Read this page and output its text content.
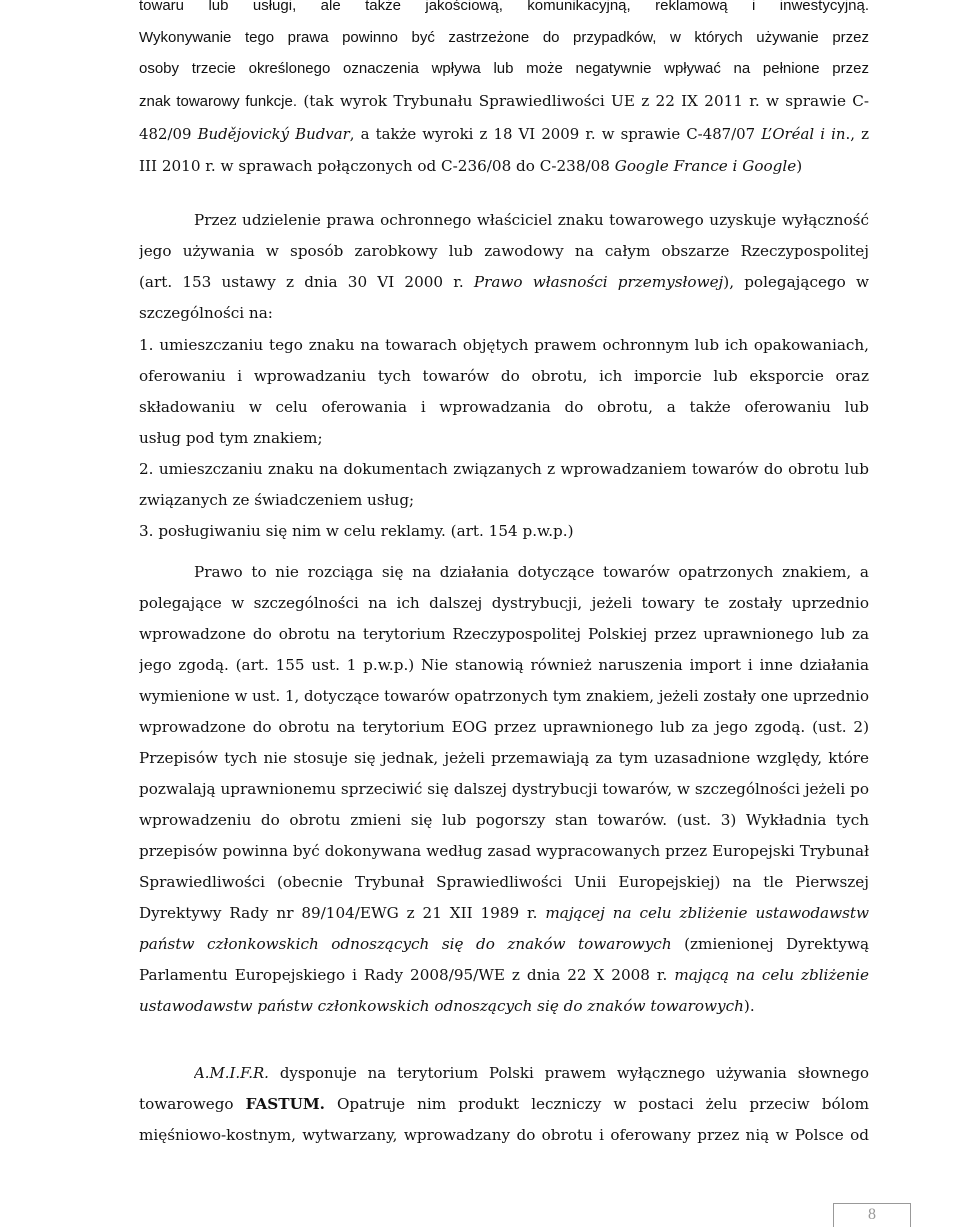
towaru lub usługi, ale także jakościową, komunikacyjną, reklamową i inwestycyjną.
Wykonywanie tego prawa powinno być zastrzeżone do przypadków, w których używanie przez
osoby trzecie określonego oznaczenia wpływa lub może negatywnie wpływać na pełnione przez
znak towarowy funkcje. (tak wyrok Trybunału Sprawiedliwości UE z 22 IX 2011 r. w sprawie C-
482/09 Budějovický Budvar, a także wyroki z 18 VI 2009 r. w sprawie C-487/07 L’Oréal i in., z
III 2010 r. w sprawach połączonych od C-236/08 do C-238/08 Google France i Google)
Przez udzielenie prawa ochronnego właściciel znaku towarowego uzyskuje wyłączność
jego używania w sposób zarobkowy lub zawodowy na całym obszarze Rzeczypospolitej
(art. 153 ustawy z dnia 30 VI 2000 r. Prawo własności przemysłowej), polegającego w
szczególności na:
1. umieszczaniu tego znaku na towarach objętych prawem ochronnym lub ich opakowaniach,
oferowaniu i wprowadzaniu tych towarów do obrotu, ich imporcie lub eksporcie oraz
składowaniu w celu oferowania i wprowadzania do obrotu, a także oferowaniu lub
usług pod tym znakiem;
2. umieszczaniu znaku na dokumentach związanych z wprowadzaniem towarów do obrotu lub
związanych ze świadczeniem usług;
3. posługiwaniu się nim w celu reklamy. (art. 154 p.w.p.)
Prawo to nie rozciąga się na działania dotyczące towarów opatrzonych znakiem, a
polegające w szczególności na ich dalszej dystrybucji, jeżeli towary te zostały uprzednio
wprowadzone do obrotu na terytorium Rzeczypospolitej Polskiej przez uprawnionego lub za
jego zgodą. (art. 155 ust. 1 p.w.p.) Nie stanowią również naruszenia import i inne działania
wymienione w ust. 1, dotyczące towarów opatrzonych tym znakiem, jeżeli zostały one uprzednio
wprowadzone do obrotu na terytorium EOG przez uprawnionego lub za jego zgodą. (ust. 2)
Przepisów tych nie stosuje się jednak, jeżeli przemawiają za tym uzasadnione względy, które
pozwalają uprawnionemu sprzeciwić się dalszej dystrybucji towarów, w szczególności jeżeli po
wprowadzeniu do obrotu zmieni się lub pogorszy stan towarów. (ust. 3) Wykładnia tych
przepisów powinna być dokonywana według zasad wypracowanych przez Europejski Trybunał
Sprawiedliwości (obecnie Trybunał Sprawiedliwości Unii Europejskiej) na tle Pierwszej
Dyrektywy Rady nr 89/104/EWG z 21 XII 1989 r. mającej na celu zbliżenie ustawodawstw
państw członkowskich odnoszących się do znaków towarowych (zmienionej Dyrektywą
Parlamentu Europejskiego i Rady 2008/95/WE z dnia 22 X 2008 r. mającą na celu zbliżenie
ustawodawstw państw członkowskich odnoszących się do znaków towarowych).
A.M.I.F.R. dysponuje na terytorium Polski prawem wyłącznego używania słownego
towarowego FASTUM. Opatruje nim produkt leczniczy w postaci żelu przeciw bólom
mięśniowo-kostnym, wytwarzany, wprowadzany do obrotu i oferowany przez nią w Polsce od
8
